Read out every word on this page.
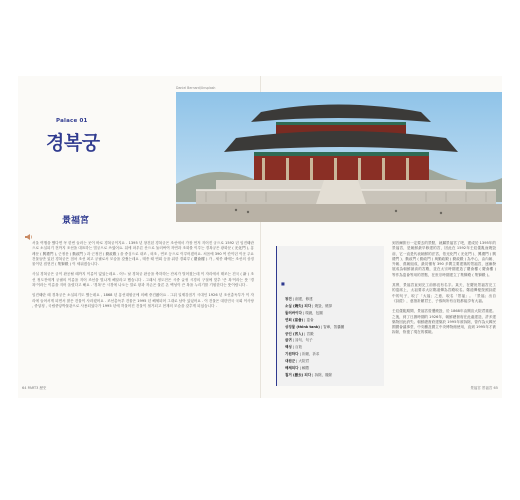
Palace 01
경복궁
景福宮

서울 여행을 했다면 꼭 한번 들러는 곳이 바로 경복궁이지요 . 1395 년 창건된 경복궁은 조선에서 가장 먼저 지어진 궁으로 1592 년 임진왜란으로 소실되기 전까지 조선을 대표하는 법궁으로 쓰였어요. 뒤에 파우른 산으로 둘러싸여 자연과 조화를 이루는 경복궁은 광화문 ( 光化門 ), 흥례문 ( 興禮門 ), 근정문 ( 勤政門 ) 과 근정전 ( 勤政殿 ) 을 중심으로 내조 , 외조 , 연조 등으로 이루어졌어요. 처음에 390 여 칸이던 이곳 주요 건물들만 있던 경복궁은 점차 조선 최고 궁궐로서 모습을 갖췄는데요 , 태종 때 연회 등을 위한 경회루 ( 慶會樓 ) 가 , 세종 때에는 조선의 상징물이던 집현전 ( 集賢殿 ) 이 세워졌습니다.

사실 경복궁은 궁이 완공될 때까지 이름이 없었는데요 . 어느 날 경복궁 완공을 축하하는 잔치가 벌어졌는데 이 자리에서 태조는 건국 ( 新 ) 조선 정도전에게 궁궐의 이름을 지어 조선을 빛나게 해달라고 했습니다 . 그래서 정도전은 시중 글귀 시경의 구절에 맞추 '큰 복'이라는 뜻 '경복'이라는 이름을 지어 올렸다고 해요 . '경복'은 시경에 나오는 말로 왕과 자손은 물론 온 백성이 큰 복을 누리기를 기원한다는 뜻이랍니다 .

임진왜란 때 경복궁은 소실되기도 했는데요 , 1868 년 흥선대원군에 의해 중건됐어요 . 그뒤 일제강점기 시대인 1926 년 조선총독부가 이 자리에 들어서게 되면서 많은 건물이 사라졌어요 . 조선총독부 건물은 1995 년 해체되어 그대로 남아 있었어요 . 이 건물은 대한민국 국회 이사당 , 중앙청 , 국립중앙박물관으로 사용되었다가 1995 년에 허물어진 건물이 철거되고 현재의 모습을 갖추게 되었습니다 .

64 PART3 歷史
Daniel Bernard/Unsplash
■
창건 | 創建，修建
소실 (燒失) 되다 | 燒毀，燒掉
둘러싸이다 | 環繞，包圍
연회 (宴會) | 宴會
상징물 (think tank) | 智庫，智囊團
궁인 (宮人) | 宮殿
글귀 | 詩句，句子
백성 | 百姓
기원하다 | 祈願，祈求
대원군 | 大院君
해체되다 | 解體
철거 (撤去) 되다 | 拆除，撤除

到首爾旅行一定要去的景點，就屬景福宮了吧，建成於 1395年的景福宮，是朝鮮最早修建的宮，因此在 1592年壬辰倭亂而燒毀前，它一直是代表朝鮮的法宮，依光化門 ( 光化門 )、興禮門 ( 興禮門 )、勤政門 ( 勤政門 ) 與勤政殿 ( 勤政殿 ) 為中心，由內朝、外朝、燕朝組成，最初僅有 390 多間主要建築的景福宮，逐漸發展成為朝鮮最高的宮殿，並在太宗時期建造了慶會樓 ( 慶會樓 ) 等作為宴會等用的景點，在世宗時期建立了集賢殿 ( 集賢殿 )。

其實，景福宮直到完工前都沒有名字。某天，在慶祝景福宮完工的宴席上，太祖要求大臣鄭道傳為宮殿取名。鄭道傳便按照詩經中的句子，取了「大福」之意，取名「景福」。「景福」出自《詩經》，意指祈願君王、子孫與所有百姓都能享有大福。

壬辰倭亂期間，景福宮曾遭燒毀，於 1868年由興宣大院君重建。之後，到了日據時期的 1926年，朝鮮總督府在此處建造，許多建築物因此消失。朝鮮總督府建築於 1995年被拆除，曾作為大韓民國國會議事堂、中央廳及國立中央博物館使用，直到 1995年才被拆除，恢復了現在的樣貌。

景福宮 景福宮 65
